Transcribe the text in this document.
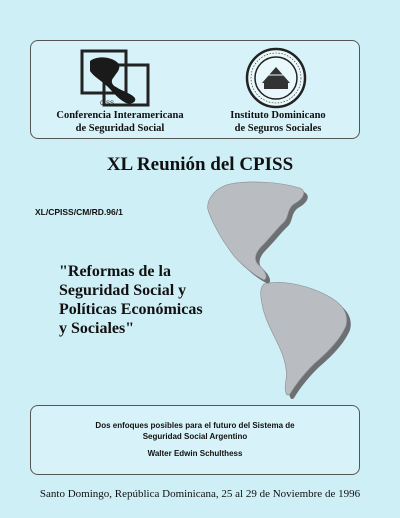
CISS
Conferencia Interamericana
de Seguridad Social
Instituto Dominicano
de Seguros Sociales
XL Reunión del CPISS
XL/CPISS/CM/RD.96/1
"Reformas de la
Seguridad Social y
Políticas Económicas
y Sociales"
Dos enfoques posibles para el futuro del Sistema de
Seguridad Social Argentino
Walter Edwin Schulthess
Santo Domingo, República Dominicana, 25 al 29 de Noviembre de 1996
